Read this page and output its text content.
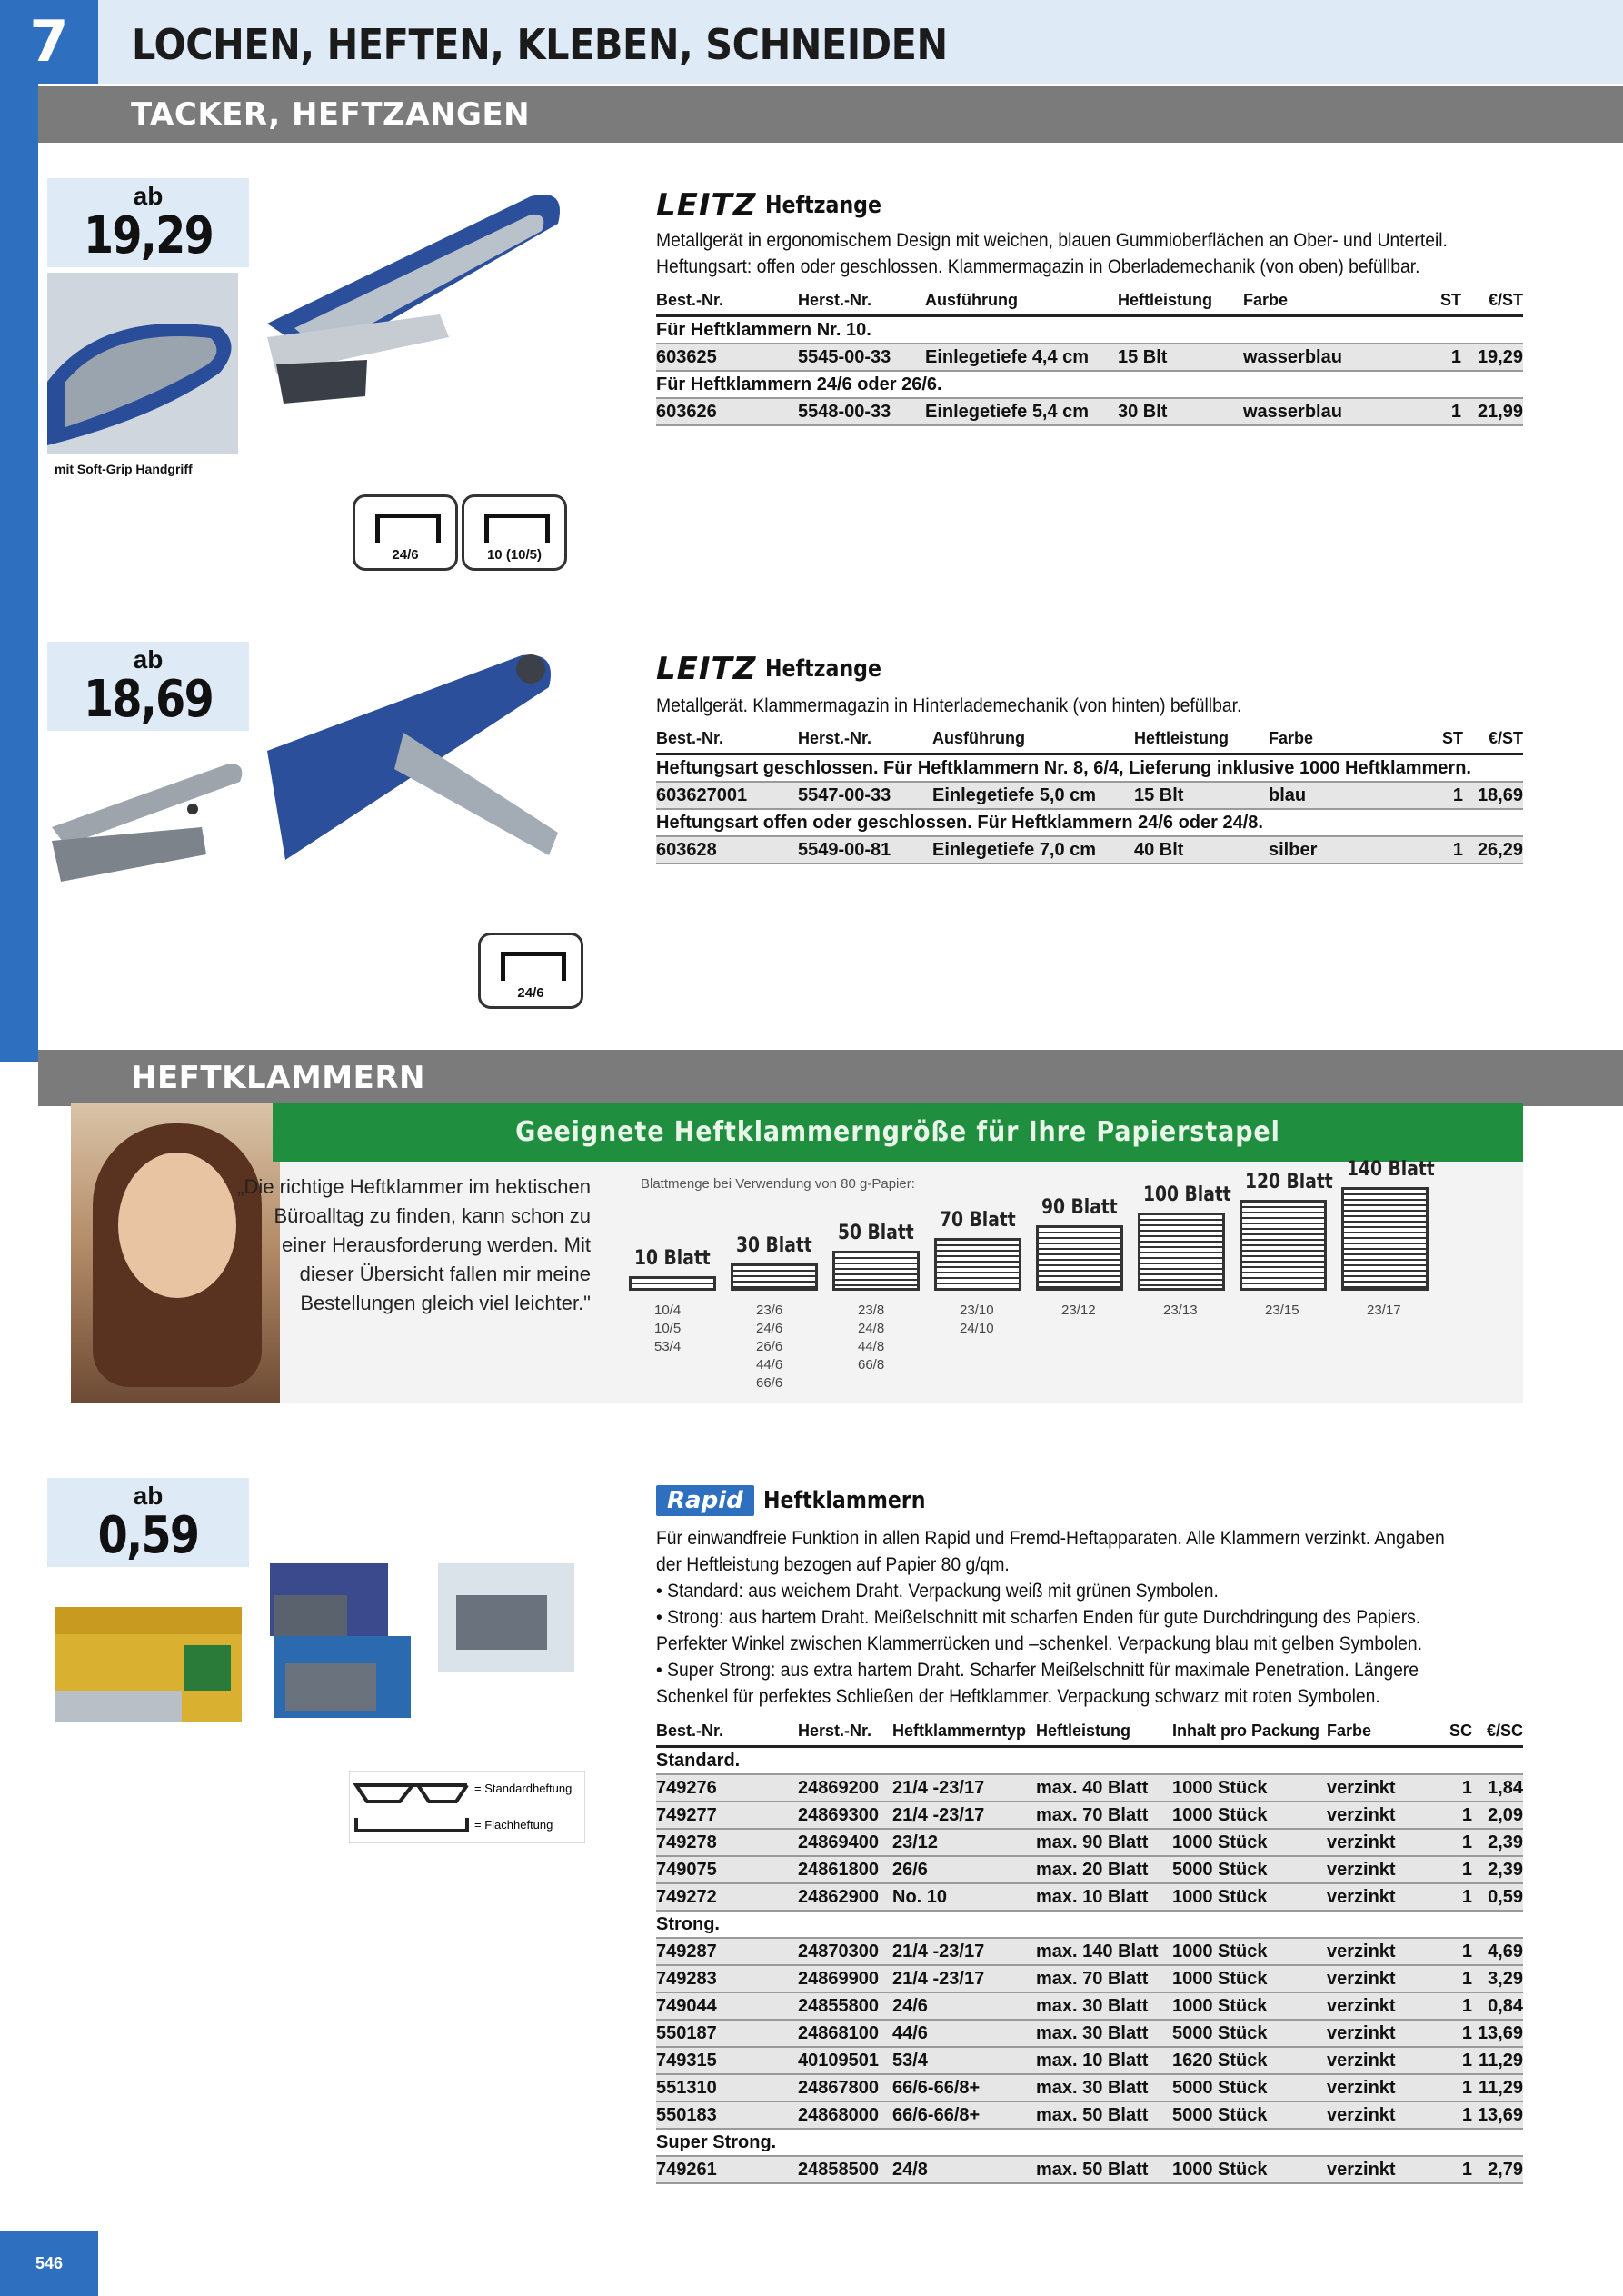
7	LOCHEN, HEFTEN, KLEBEN, SCHNEIDEN
TACKER, HEFTZANGEN
ab
19,29
mit Soft-Grip Handgriff
24/6	10 (10/5)
LEITZ Heftzange
Metallgerät in ergonomischem Design mit weichen, blauen Gummioberflächen an Ober- und Unterteil. Heftungsart: offen oder geschlossen. Klammermagazin in Oberlademechanik (von oben) befüllbar.
Best.-Nr.	Herst.-Nr.	Ausführung	Heftleistung	Farbe	ST	€/ST
Für Heftklammern Nr. 10.						
603625	5545-00-33	Einlegetiefe 4,4 cm	15 Blt	wasserblau	1	19,29
Für Heftklammern 24/6 oder 26/6.						
603626	5548-00-33	Einlegetiefe 5,4 cm	30 Blt	wasserblau	1	21,99
ab
18,69
24/6
LEITZ Heftzange
Metallgerät. Klammermagazin in Hinterlademechanik (von hinten) befüllbar.
Best.-Nr.	Herst.-Nr.	Ausführung	Heftleistung	Farbe	ST	€/ST
Heftungsart geschlossen. Für Heftklammern Nr. 8, 6/4, Lieferung inklusive 1000 Heftklammern.						
603627001	5547-00-33	Einlegetiefe 5,0 cm	15 Blt	blau	1	18,69
Heftungsart offen oder geschlossen. Für Heftklammern 24/6 oder 24/8.						
603628	5549-00-81	Einlegetiefe 7,0 cm	40 Blt	silber	1	26,29
HEFTKLAMMERN
Geeignete Heftklammerngröße für Ihre Papierstapel
„Die richtige Heftklammer im hektischen Büroalltag zu finden, kann schon zu einer Herausforderung werden. Mit dieser Übersicht fallen mir meine Bestellungen gleich viel leichter."
Blattmenge bei Verwendung von 80 g-Papier:
10 Blatt
10/4
10/5
53/4
30 Blatt
23/6
24/6
26/6
44/6
66/6
50 Blatt
23/8
24/8
44/8
66/8
70 Blatt
23/10
24/10
90 Blatt
23/12
100 Blatt
23/13
120 Blatt
23/15
140 Blatt
23/17
ab
0,59
= Standardheftung
= Flachheftung
Rapid Heftklammern
Für einwandfreie Funktion in allen Rapid und Fremd-Heftapparaten. Alle Klammern verzinkt. Angaben der Heftleistung bezogen auf Papier 80 g/qm.
• Standard: aus weichem Draht. Verpackung weiß mit grünen Symbolen.
• Strong: aus hartem Draht. Meißelschnitt mit scharfen Enden für gute Durchdringung des Papiers. Perfekter Winkel zwischen Klammerrücken und –schenkel. Verpackung blau mit gelben Symbolen.
• Super Strong: aus extra hartem Draht. Scharfer Meißelschnitt für maximale Penetration. Längere Schenkel für perfektes Schließen der Heftklammer. Verpackung schwarz mit roten Symbolen.
Best.-Nr.	Herst.-Nr.	Heftklammerntyp	Heftleistung	Inhalt pro Packung	Farbe	SC	€/SC
Standard.							
749276	24869200	21/4 -23/17	max. 40 Blatt	1000 Stück	verzinkt	1	1,84
749277	24869300	21/4 -23/17	max. 70 Blatt	1000 Stück	verzinkt	1	2,09
749278	24869400	23/12	max. 90 Blatt	1000 Stück	verzinkt	1	2,39
749075	24861800	26/6	max. 20 Blatt	5000 Stück	verzinkt	1	2,39
749272	24862900	No. 10	max. 10 Blatt	1000 Stück	verzinkt	1	0,59
Strong.							
749287	24870300	21/4 -23/17	max. 140 Blatt	1000 Stück	verzinkt	1	4,69
749283	24869900	21/4 -23/17	max. 70 Blatt	1000 Stück	verzinkt	1	3,29
749044	24855800	24/6	max. 30 Blatt	1000 Stück	verzinkt	1	0,84
550187	24868100	44/6	max. 30 Blatt	5000 Stück	verzinkt	1	13,69
749315	40109501	53/4	max. 10 Blatt	1620 Stück	verzinkt	1	11,29
551310	24867800	66/6-66/8+	max. 30 Blatt	5000 Stück	verzinkt	1	11,29
550183	24868000	66/6-66/8+	max. 50 Blatt	5000 Stück	verzinkt	1	13,69
Super Strong.							
749261	24858500	24/8	max. 50 Blatt	1000 Stück	verzinkt	1	2,79
546
